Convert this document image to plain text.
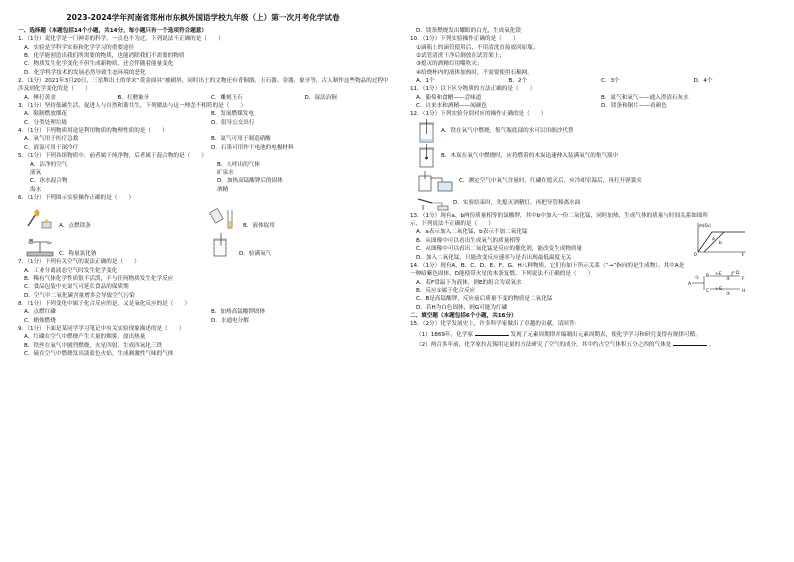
2023-2024学年河南省郑州市东枫外国语学校九年级（上）第一次月考化学试卷
一、选择题（本题包括14个小题，共14分，每小题只有一个选项符合题意）
1．（1分）说化学是一门神奇的科学，一点也不为过。下列说法不正确的是（　　）
A．实验是学科学实验和化学学习的重要途径
B．化学能创造出我们所需要的物质，也能消除我们不需要的物质
C．物质发生化学变化不但生成新物质，还会伴随着能量变化
D．化学科学技术的发展必然导致生态环境的恶化
2．（1分）2021年3月20日，三星堆出土的单宋“黄金面具”被刷屏，同时出土的文物还有青铜器、玉石器、金器、象牙等，古人制作这些物品的过程中涉及到化学变化的是（　　）
A．捶打黄金	B．打磨象牙	C．雕刻玉石	D．湿法冶铜
3．（1分）坚持低碳生活，促进人与自然和谐共生，下列做法与这一理念不相符的是（　　）
A．限制燃放烟花	B．发展燃煤发电
C．分类处理垃圾	D．倡导公交出行
4．（1分）下列物质用途是利用物质的物理性质的是（　　）
A．氧气用于医疗急救	B．氮气可用于制造硝酸
C．液氮可用于深冷疗	D．石墨可用作干电池的电极材料
5．（1分）下列各组物质中，前者属于纯净物，后者属于混合物的是（　　）
A．洁净的空气 液氧
B．人呼出的气体 矿泉水
C．冰水混合物 海水
D．加热高锰酸钾后的固体 酒精
6．（1分）下列图示实验操作正确的是（　　）
A．点燃镁条	B．液体取用
C．称量氯化钠	D．验满氧气
7．（1分）下列有关空气的说法正确的是（　　）
A．工业分离液态空气时发生化学变化
B．稀有气体化学性质很不活泼，不与任何物质发生化学反应
C．食品包装中充氮气可延长食品的保质期
D．空气中二氧化碳含量增多会导致空气污染
8．（1分）下列变化中属于化合反应的是，又是氧化反应的是（　　）
A．点燃红磷	B．加热高锰酸钾固体
C．蜡烛燃烧	D．水通电分解
9．（1分）下面是某同学学习笔记中有关实验现象描述的是（　　）
A．红磷在空气中燃烧产生大量的烟雾，放出热量
B．铁丝在氧气中剧烈燃烧，火星四射，生成四氧化三铁
C．硫在空气中燃烧发出淡蓝色火焰，生成刺激性气味的气体
D．镁条燃烧发出耀眼的白光，生成氧化镁
10．（1分）下列实验操作正确的是（　　）
①滴瓶上的滴管使用后，不用清洗直接放回原瓶；
②试管清洗干净后倒放在试管架上；
③熄灭的酒精灯用嘴吹灭；
④给烧杯内的液体加热时，不需要使用石棉网。
A．1个	B．2个	C．3个	D．4个
11．（1分）以下区分物质的方法正确的是（　　）
A．葡萄和食醋——尝味道	B．氮气和氧气——通入澄清石灰水
C．自来水和酒精——闻颜色	D．镁条和铜片——看颜色
12．（1分）下列实验分别对应的操作正确的是（　　）
A．铁在氧气中燃烧，集气瓶底部的水可以用细沙代替
B．木炭在氧气中燃烧时，应将燃着的木炭迅速伸入装满氧气的集气瓶中
C．测定空气中氧气含量时，红磷在熄灭后，应冷却室温后，再打开弹簧夹
D．实验结束时，先熄灭酒精灯，再把导管移离水面
13．（1分）现有a、b两份质量相等的氯酸钾，其中b中加入一份二氧化锰，同时加热，生成气体的质量与时间关系如图所
示，下列说法不正确的是（　　）
A．a表示加入二氧化锰，b表示不加二氧化锰
B．从图像中可以看出生成氧气的质量相等
C．从图像中可以看出二氧化锰是反应的催化剂，能改变生成物质量
D．加入二氧化锰，只能改变反应速率与是否出现最低温度无关
m(O₂)
a
b
0	t
14．（1分）现有A、B、C、D、E、F、G、H八种物质，它们有如下所示关系（“→”指向的是生成物），其中A是
一种暗紫色固体，D能使带火星的木条复燃。下列说法不正确的是（　　）
A．若F常温下为液体，则E的组合为双氧水
B．反应①属于化合反应
C．B是高锰酸钾，反应前后质量不变的物质是二氧化锰
D．若H为白色固体，则G可能为红磷
A
B
C
D
+E
F
+G	H
①	②
③
二、填空题（本题包括6个小题，共16分）
15．（2分）化学发展史上，许多科学家做出了卓越的贡献，请回答：
（1）1869年，化学家	发现了元素周期律并编制出元素周期表，使化学学习和研究变得有规律可循。
（2）两百多年前，化学家拉瓦锡用定量的方法研究了空气的成分，其中约占空气体积五分之四的气体是	。
